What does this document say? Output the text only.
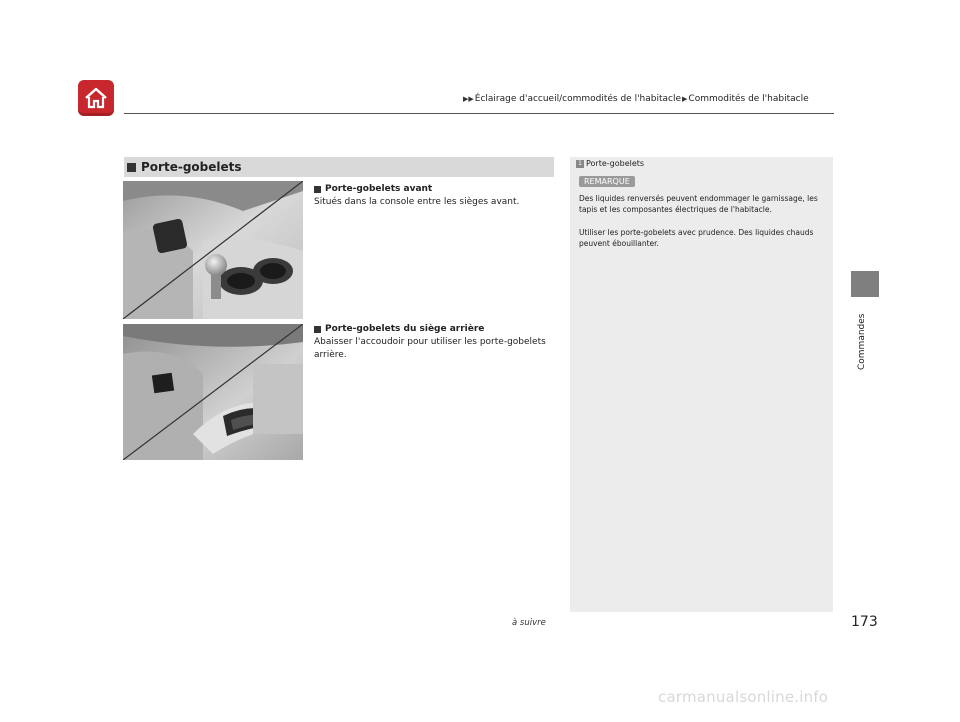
▶▶ Éclairage d'accueil/commodités de l'habitacle ▶ Commodités de l'habitacle
Porte-gobelets
Porte-gobelets avant
Situés dans la console entre les sièges avant.
Porte-gobelets du siège arrière
Abaisser l'accoudoir pour utiliser les porte-gobelets arrière.
1 Porte-gobelets
REMARQUE
Des liquides renversés peuvent endommager le garnissage, les tapis et les composantes électriques de l'habitacle.
Utiliser les porte-gobelets avec prudence. Des liquides chauds peuvent ébouillanter.
Commandes
à suivre	173
carmanualsonline.info
